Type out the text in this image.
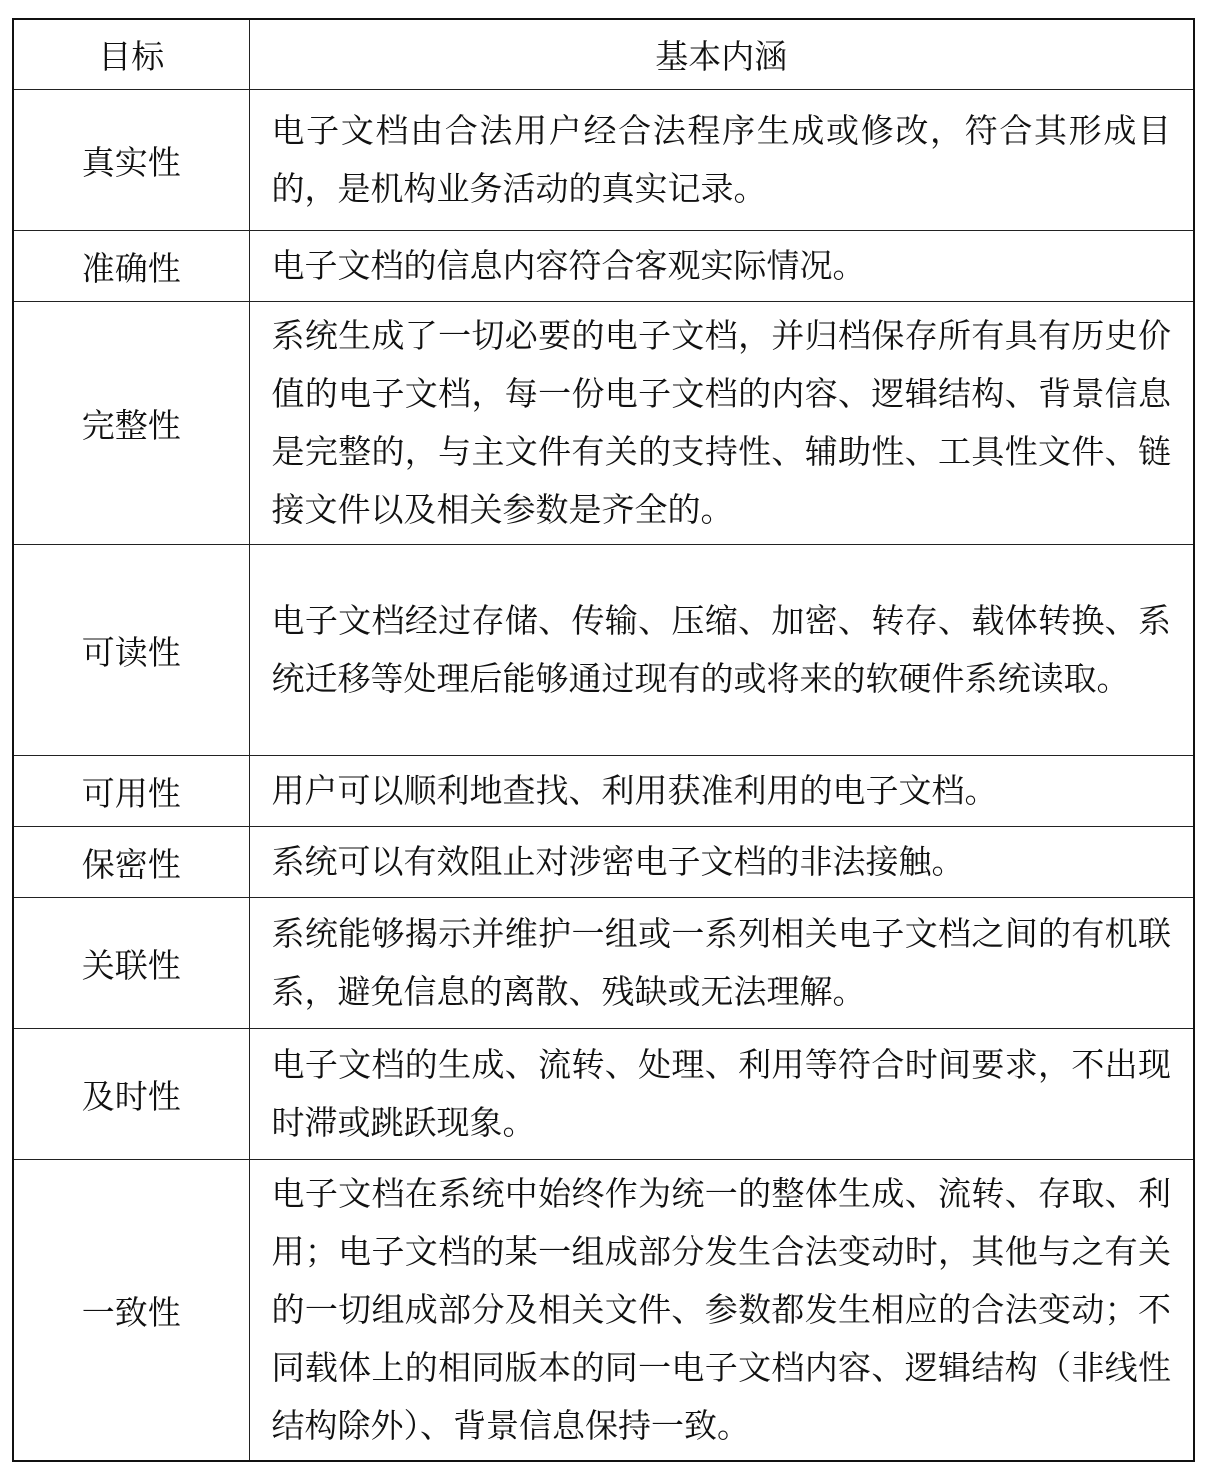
目标	基本内涵
真实性	电子文档由合法用户经合法程序生成或修改，符合其形成目的，是机构业务活动的真实记录。
准确性	电子文档的信息内容符合客观实际情况。
完整性	系统生成了一切必要的电子文档，并归档保存所有具有历史价值的电子文档，每一份电子文档的内容、逻辑结构、背景信息是完整的，与主文件有关的支持性、辅助性、工具性文件、链接文件以及相关参数是齐全的。
可读性	电子文档经过存储、传输、压缩、加密、转存、载体转换、系统迁移等处理后能够通过现有的或将来的软硬件系统读取。
可用性	用户可以顺利地查找、利用获准利用的电子文档。
保密性	系统可以有效阻止对涉密电子文档的非法接触。
关联性	系统能够揭示并维护一组或一系列相关电子文档之间的有机联系，避免信息的离散、残缺或无法理解。
及时性	电子文档的生成、流转、处理、利用等符合时间要求，不出现时滞或跳跃现象。
一致性	电子文档在系统中始终作为统一的整体生成、流转、存取、利用；电子文档的某一组成部分发生合法变动时，其他与之有关的一切组成部分及相关文件、参数都发生相应的合法变动；不同载体上的相同版本的同一电子文档内容、逻辑结构（非线性结构除外）、背景信息保持一致。
